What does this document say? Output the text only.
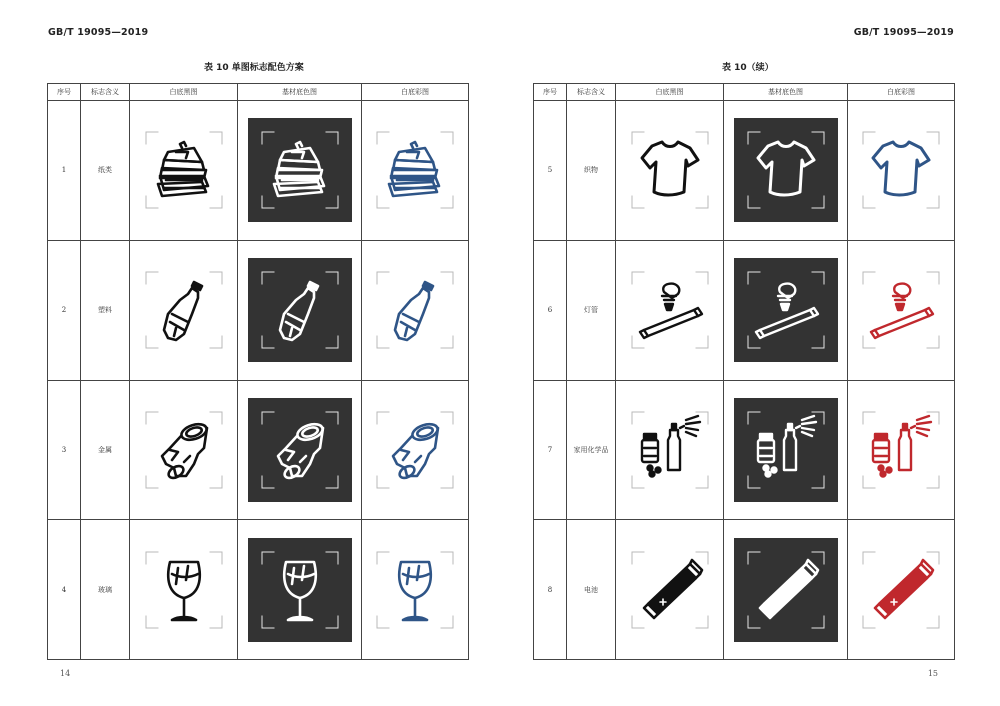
GB/T 19095—2019
表 10 单图标志配色方案
序号	标志含义	白底黑图	基材底色图	白底彩图
1	纸类	

2	塑料	

3	金属	

4	玻璃	

14
GB/T 19095—2019
表 10（续）
序号	标志含义	白底黑图	基材底色图	白底彩图
5	织物	

6	灯管	

7	家用化学品	

8	电池	

15
